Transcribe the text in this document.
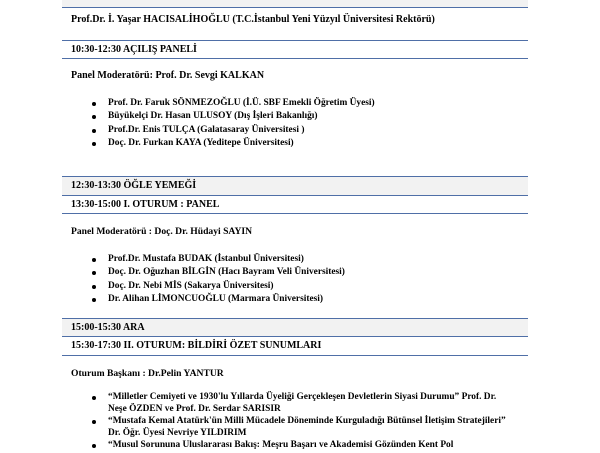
Prof.Dr. İ. Yaşar HACISALİHOĞLU (T.C.İstanbul Yeni Yüzyıl Üniversitesi Rektörü)
10:30-12:30 AÇILIŞ PANELİ
Panel Moderatörü: Prof. Dr. Sevgi KALKAN
Prof. Dr. Faruk SÖNMEZOĞLU (İ.Ü. SBF Emekli Öğretim Üyesi)
Büyükelçi Dr. Hasan ULUSOY (Dış İşleri Bakanlığı)
Prof.Dr. Enis TULÇA (Galatasaray Üniversitesi )
Doç. Dr. Furkan KAYA (Yeditepe Üniversitesi)
12:30-13:30 ÖĞLE YEMEĞİ
13:30-15:00 I. OTURUM : PANEL
Panel Moderatörü : Doç. Dr. Hüdayi SAYIN
Prof.Dr. Mustafa BUDAK (İstanbul Üniversitesi)
Doç. Dr. Oğuzhan BİLGİN (Hacı Bayram Veli Üniversitesi)
Doç. Dr. Nebi MİS (Sakarya Üniversitesi)
Dr. Alihan LİMONCUOĞLU (Marmara Üniversitesi)
15:00-15:30 ARA
15:30-17:30 II. OTURUM: BİLDİRİ ÖZET SUNUMLARI
Oturum Başkanı : Dr.Pelin YANTUR
“Milletler Cemiyeti ve 1930'lu Yıllarda Üyeliği Gerçekleşen Devletlerin Siyasi Durumu” Prof. Dr. Neşe ÖZDEN ve Prof. Dr. Serdar SARISIR
“Mustafa Kemal Atatürk'ün Milli Mücadele Döneminde Kurguladığı Bütünsel İletişim Stratejileri” Dr. Öğr. Üyesi Nevriye YILDIRIM
“Musul Sorununa Uluslararası Bakış: Meşru Başarı ve Akademisi Gözünden Kent Pol
